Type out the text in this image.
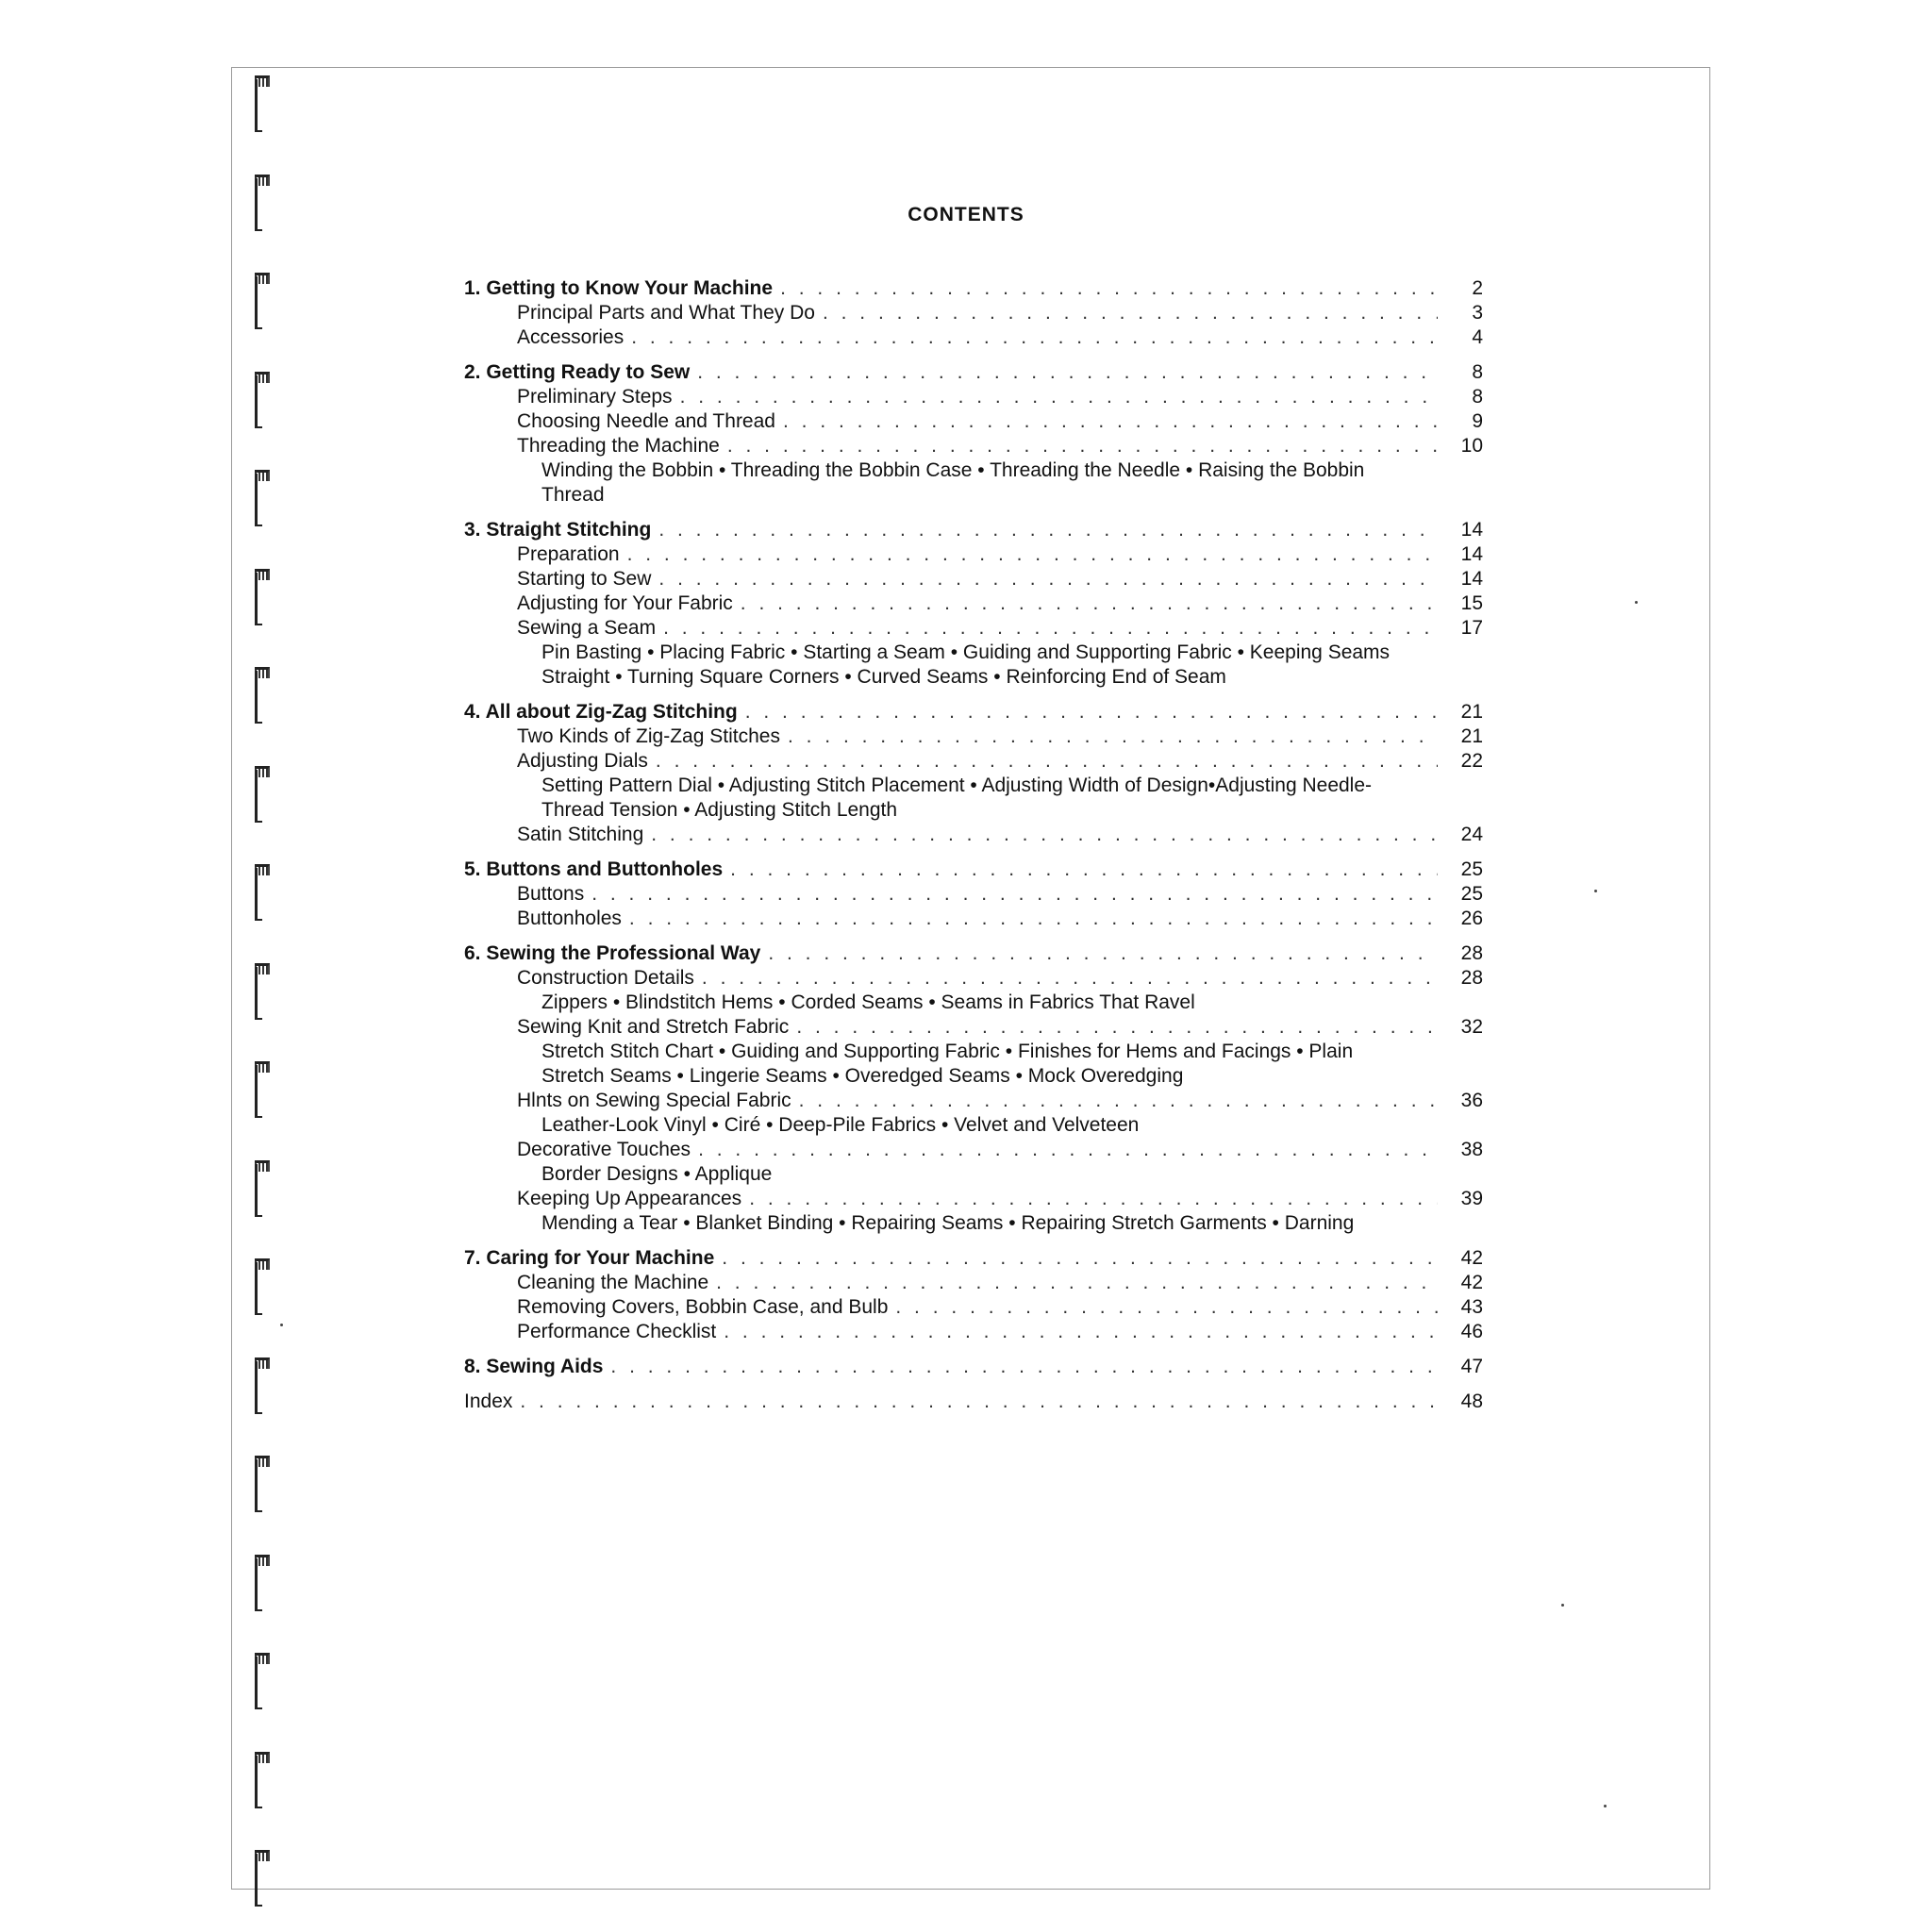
CONTENTS
1. Getting to Know Your Machine . . .	2
Principal Parts and What They Do . . .	3
Accessories . . .	4
2. Getting Ready to Sew . . .	8
Preliminary Steps . . .	8
Choosing Needle and Thread . . .	9
Threading the Machine . . .	10
Winding the Bobbin • Threading the Bobbin Case • Threading the Needle • Raising the Bobbin Thread
3. Straight Stitching . . .	14
Preparation . . .	14
Starting to Sew . . .	14
Adjusting for Your Fabric . . .	15
Sewing a Seam . . .	17
Pin Basting • Placing Fabric • Starting a Seam • Guiding and Supporting Fabric • Keeping Seams Straight • Turning Square Corners • Curved Seams • Reinforcing End of Seam
4. All about Zig-Zag Stitching . . .	21
Two Kinds of Zig-Zag Stitches . . .	21
Adjusting Dials . . .	22
Setting Pattern Dial • Adjusting Stitch Placement • Adjusting Width of Design•Adjusting Needle-Thread Tension • Adjusting Stitch Length
Satin Stitching . . .	24
5. Buttons and Buttonholes . . .	25
Buttons . . .	25
Buttonholes . . .	26
6. Sewing the Professional Way . . .	28
Construction Details . . .	28
Zippers • Blindstitch Hems • Corded Seams • Seams in Fabrics That Ravel
Sewing Knit and Stretch Fabric . . .	32
Stretch Stitch Chart • Guiding and Supporting Fabric • Finishes for Hems and Facings • Plain Stretch Seams • Lingerie Seams • Overedged Seams • Mock Overedging
Hlnts on Sewing Special Fabric . . .	36
Leather-Look Vinyl • Ciré • Deep-Pile Fabrics • Velvet and Velveteen
Decorative Touches . . .	38
Border Designs • Applique
Keeping Up Appearances . . .	39
Mending a Tear • Blanket Binding • Repairing Seams • Repairing Stretch Garments • Darning
7. Caring for Your Machine . . .	42
Cleaning the Machine . . .	42
Removing Covers, Bobbin Case, and Bulb . . .	43
Performance Checklist . . .	46
8. Sewing Aids . . .	47
Index . . .	48
